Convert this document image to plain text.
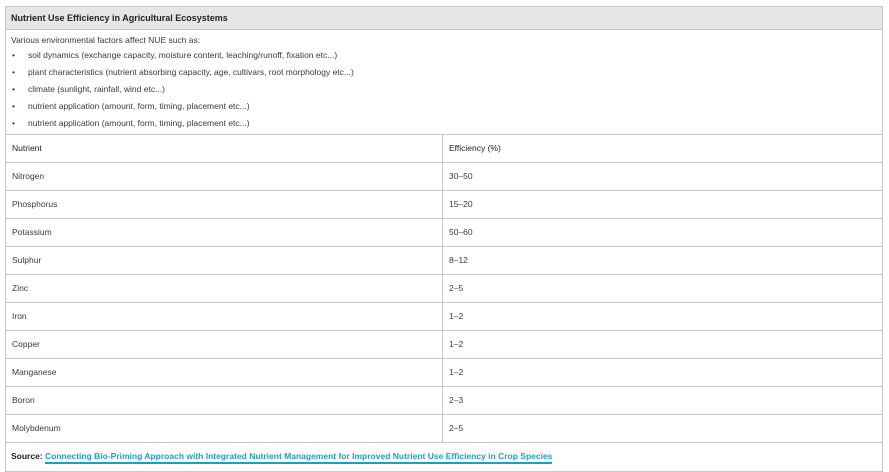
Nutrient Use Efficiency in Agricultural Ecosystems
Various environmental factors affect NUE such as:
• soil dynamics (exchange capacity, moisture content, leaching/runoff, fixation etc...)
• plant characteristics (nutrient absorbing capacity, age, cultivars, root morphology etc...)
• climate (sunlight, rainfall, wind etc...)
• nutrient application (amount, form, timing, placement etc...)
• nutrient application (amount, form, timing, placement etc...)
Nutrient	Efficiency (%)
Nitrogen	30–50
Phosphorus	15–20
Potassium	50–60
Sulphur	8–12
Zinc	2–5
Iron	1–2
Copper	1–2
Manganese	1–2
Boron	2–3
Molybdenum	2–5
Source: Connecting Bio-Priming Approach with Integrated Nutrient Management for Improved Nutrient Use Efficiency in Crop Species
